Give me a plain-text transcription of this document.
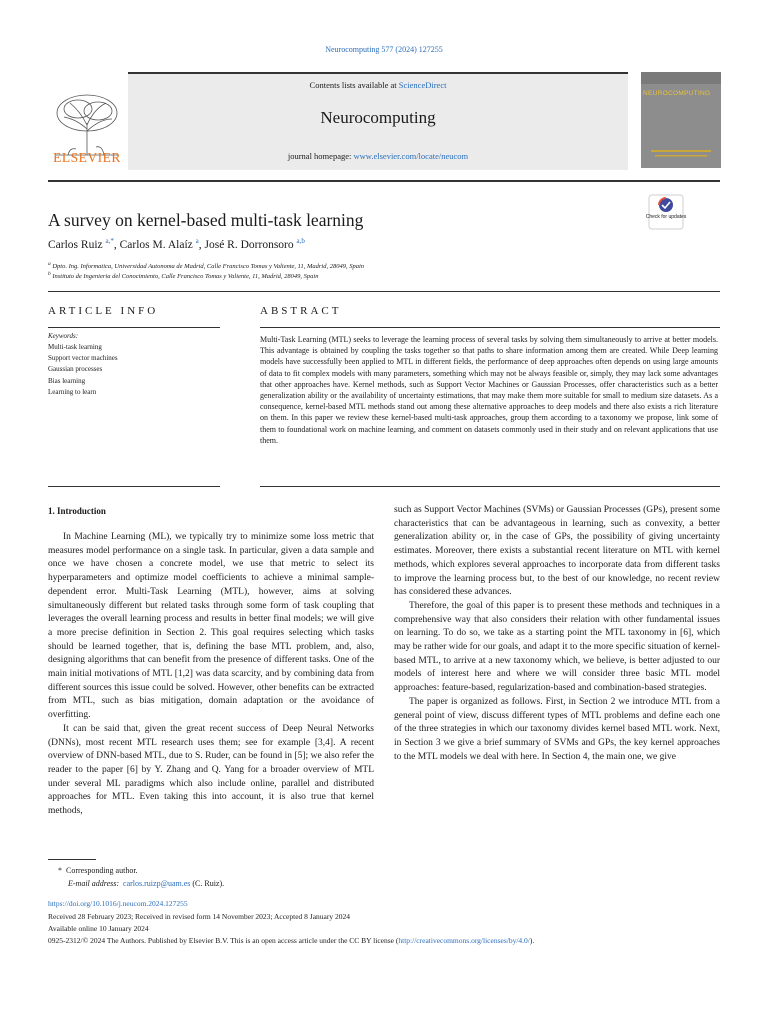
Neurocomputing 577 (2024) 127255
ELSEVIER
Contents lists available at ScienceDirect
Neurocomputing
journal homepage: www.elsevier.com/locate/neucom
NEUROCOMPUTING
Check for updates
A survey on kernel-based multi-task learning
Carlos Ruiz $^{a,*}$, Carlos M. Alaíz $^a$, José R. Dorronsoro $^{a,b}$
$^a$ Dpto. Ing. Informatica, Universidad Autonoma de Madrid, Calle Francisco Tomas y Valiente, 11, Madrid, 28049, Spain
$^b$ Instituto de Ingenieria del Conocimiento, Calle Francisco Tomas y Valiente, 11, Madrid, 28049, Spain
ARTICLE INFO
Keywords:
Multi-task learning
Support vector machines
Gaussian processes
Bias learning
Learning to learn
ABSTRACT
Multi-Task Learning (MTL) seeks to leverage the learning process of several tasks by solving them simultaneously to arrive at better models. This advantage is obtained by coupling the tasks together so that paths to share information among them are created. While Deep learning models have successfully been applied to MTL in different fields, the performance of deep approaches often depends on using large amounts of data to fit complex models with many parameters, something which may not be always feasible or, simply, they may lack some advantages that other approaches have. Kernel methods, such as Support Vector Machines or Gaussian Processes, offer characteristics such as a better generalization ability or the availability of uncertainty estimations, that may make them more suitable for small to medium size datasets. As a consequence, kernel-based MTL methods stand out among these alternative approaches to deep models and there also exists a rich literature on them. In this paper we review these kernel-based multi-task approaches, group them according to a taxonomy we propose, link some of them to foundational work on machine learning, and comment on datasets commonly used in their study and on relevant applications that use them.
1. Introduction

In Machine Learning (ML), we typically try to minimize some loss metric that measures model performance on a single task. In particular, given a data sample and once we have chosen a concrete model, we use that metric to select its hyperparameters and optimize model coefficients to achieve a minimal sample-dependent error. Multi-Task Learning (MTL), however, aims at solving simultaneously different but related tasks through some form of task coupling that leverages the overall learning process and results in better final models; we will give a more precise definition in Section 2. This goal requires selecting which tasks should be learned together, that is, defining the base MTL problem, and, also, designing algorithms that can benefit from the presence of different tasks. One of the main initial motivations of MTL [1,2] was data scarcity, and by combining data from different sources this issue could be solved. However, other benefits can be extracted from MTL, such as bias mitigation, domain adaptation or the avoidance of overfitting.

It can be said that, given the great recent success of Deep Neural Networks (DNNs), most recent MTL research uses them; see for example [3,4]. A recent overview of DNN-based MTL, due to S. Ruder, can be found in [5]; we also refer the reader to the paper [6] by Y. Zhang and Q. Yang for a broader overview of MTL under several ML paradigms which also include online, parallel and distributed approaches for MTL. Even taking this into account, it is also true that kernel methods,

such as Support Vector Machines (SVMs) or Gaussian Processes (GPs), present some characteristics that can be advantageous in learning, such as convexity, a better generalization ability or, in the case of GPs, the possibility of giving uncertainty estimates. Moreover, there exists a substantial recent literature on MTL with kernel methods, which explores several approaches to incorporate data from different tasks to improve the learning process but, to the best of our knowledge, no recent review has considered these advances.

Therefore, the goal of this paper is to present these methods and techniques in a comprehensive way that also considers their relation with other fundamental issues on learning. To do so, we take as a starting point the MTL taxonomy in [6], which may be rather wide for our goals, and adapt it to the more specific situation of kernel-based MTL, to arrive at a new taxonomy which, we believe, is better adjusted to our models of interest here and where we will consider three basic MTL model approaches: feature-based, regularization-based and combination-based strategies.

The paper is organized as follows. First, in Section 2 we introduce MTL from a general point of view, discuss different types of MTL problems and define each one of the three strategies in which our taxonomy divides kernel based MTL work. Next, in Section 3 we give a brief summary of SVMs and GPs, the key kernel approaches to the MTL models we deal with here. In Section 4, the main one, we give

*  Corresponding author.
E-mail address: carlos.ruizp@uam.es (C. Ruiz).
https://doi.org/10.1016/j.neucom.2024.127255
Received 28 February 2023; Received in revised form 14 November 2023; Accepted 8 January 2024
Available online 10 January 2024
0925-2312/© 2024 The Authors. Published by Elsevier B.V. This is an open access article under the CC BY license (http://creativecommons.org/licenses/by/4.0/).
